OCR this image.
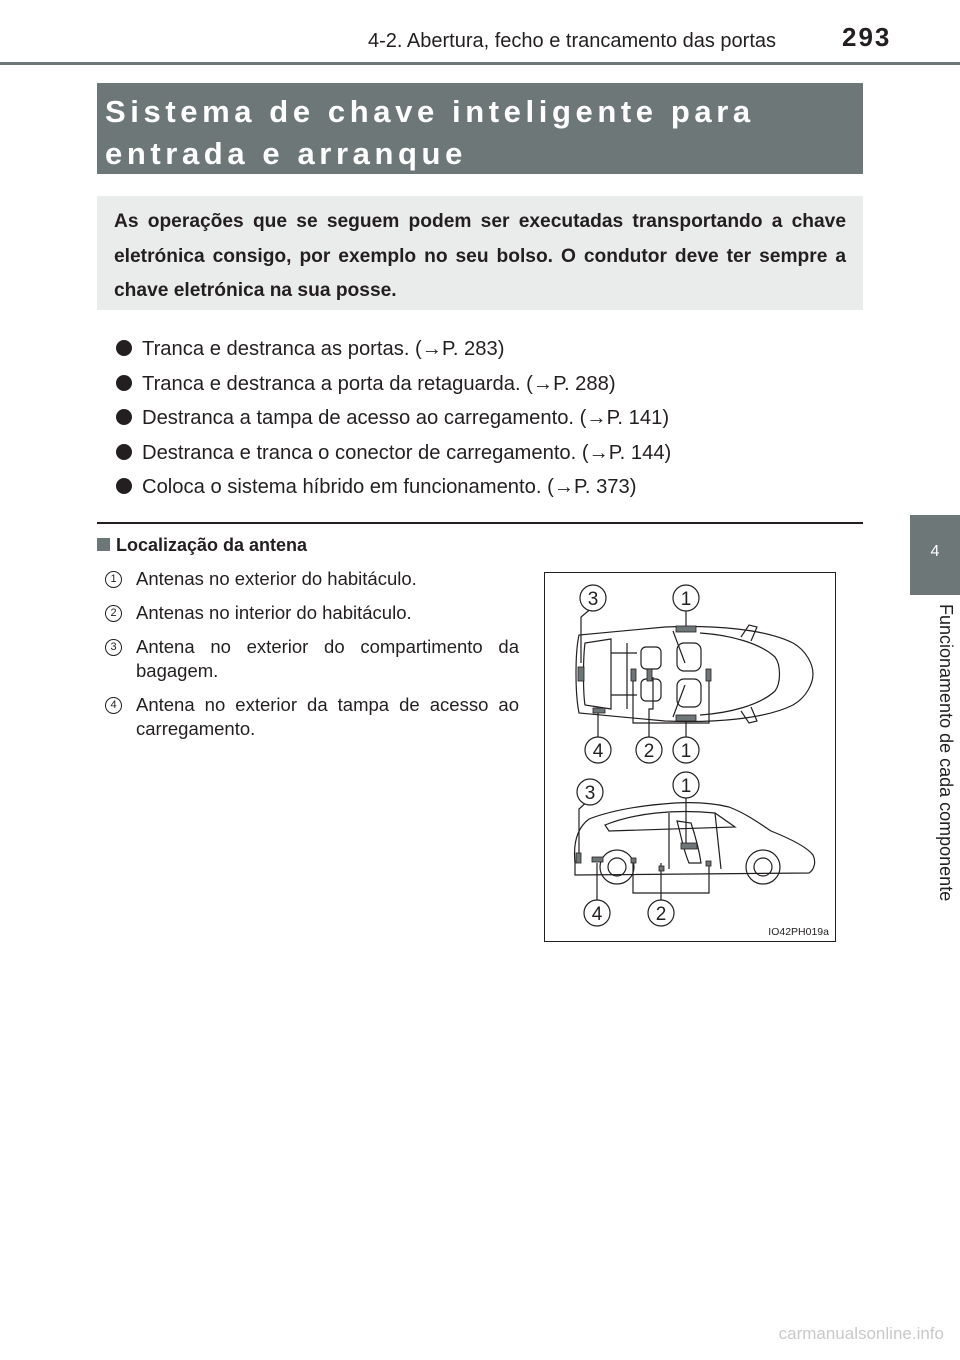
4-2. Abertura, fecho e trancamento das portas	293
4
Funcionamento de cada componente
Sistema de chave inteligente para entrada e arranque

As operações que se seguem podem ser executadas transportando a chave eletrónica consigo, por exemplo no seu bolso. O condutor deve ter sempre a chave eletrónica na sua posse.

Tranca e destranca as portas. (→P. 283)
Tranca e destranca a porta da retaguarda. (→P. 288)
Destranca a tampa de acesso ao carregamento. (→P. 141)
Destranca e tranca o conector de carregamento. (→P. 144)
Coloca o sistema híbrido em funcionamento. (→P. 373)
Localização da antena
1 Antenas no exterior do habitáculo.
2 Antenas no interior do habitáculo.
3 Antena no exterior do compartimento da bagagem.
4 Antena no exterior da tampa de acesso ao carregamento.
3	1
4 2 1
3	1
4	2
IO42PH019a
carmanualsonline.info
